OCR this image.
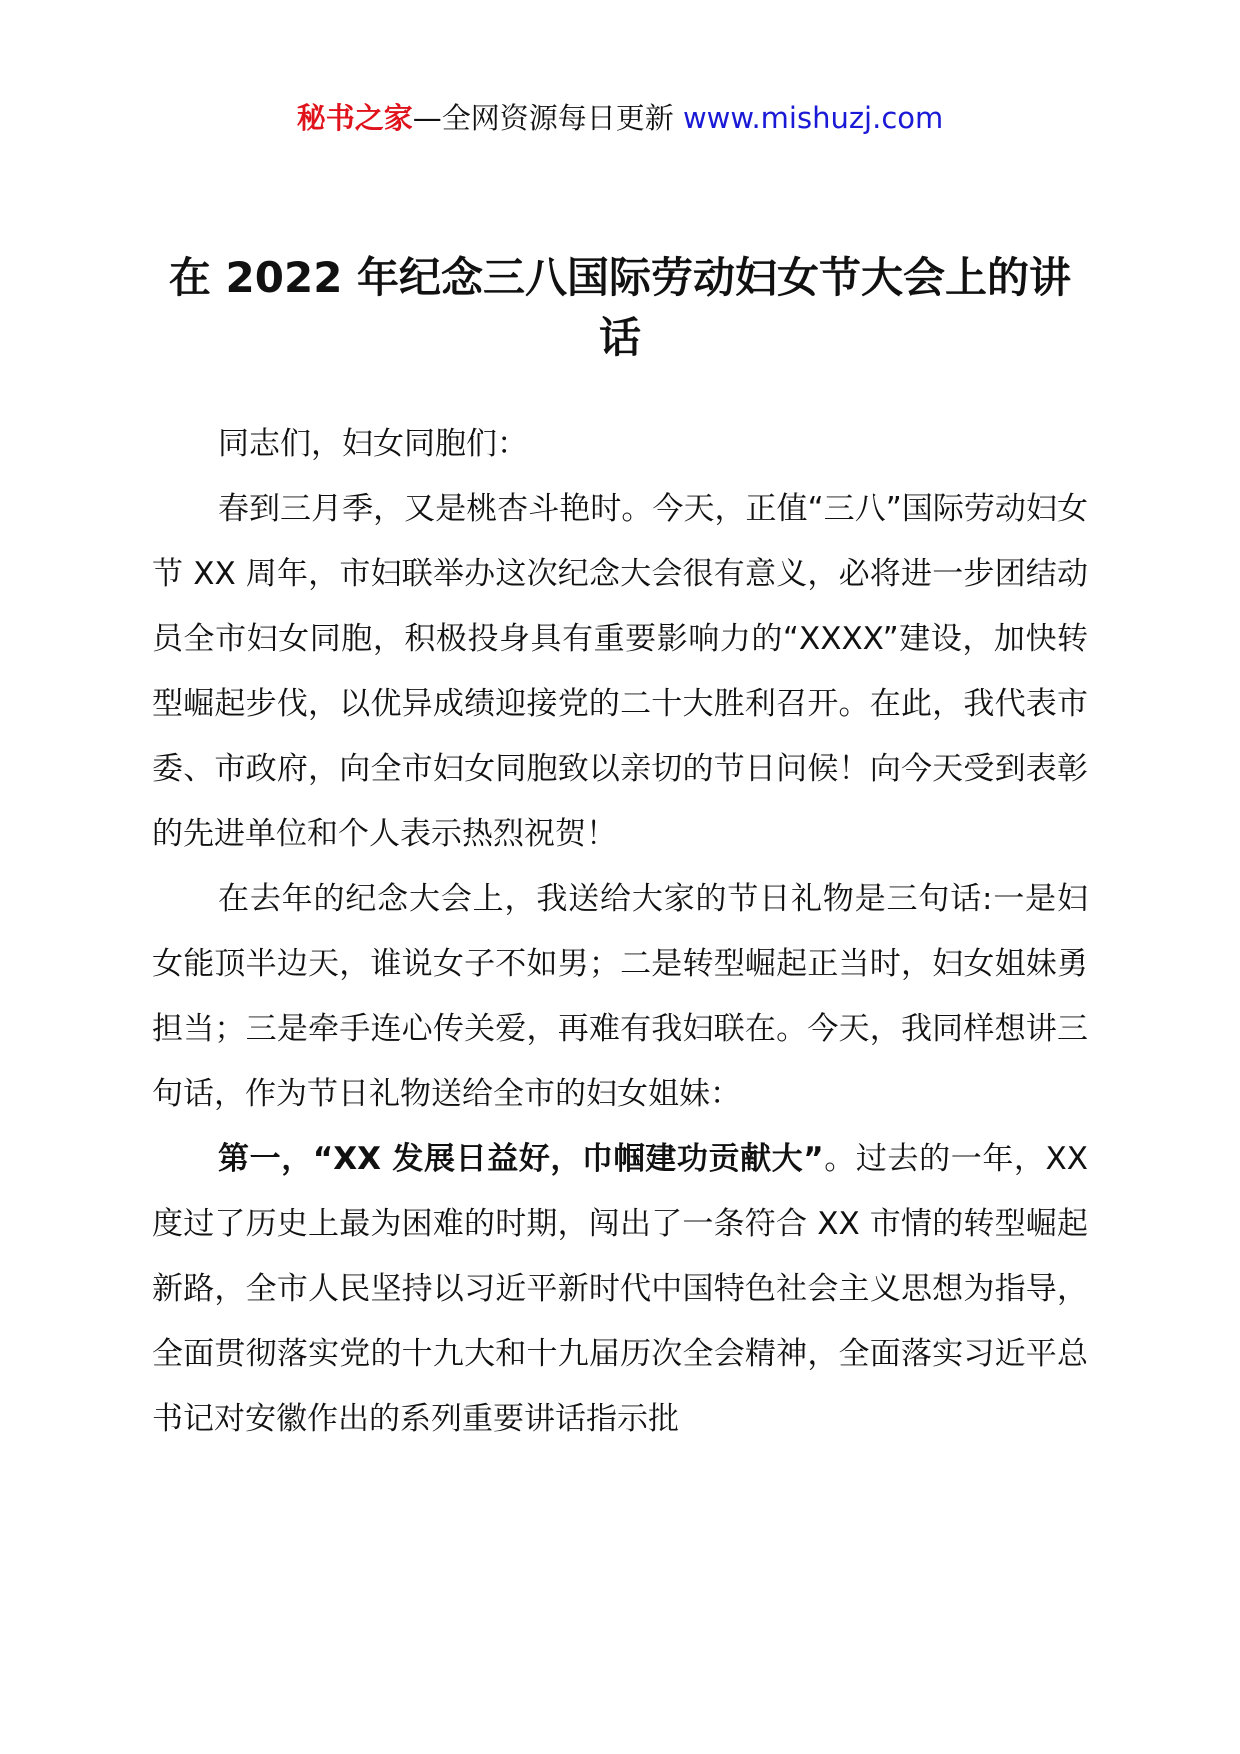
秘书之家—全网资源每日更新 www.mishuzj.com
在 2022 年纪念三八国际劳动妇女节大会上的讲话

同志们，妇女同胞们：

春到三月季，又是桃杏斗艳时。今天，正值“三八”国际劳动妇女节 XX 周年，市妇联举办这次纪念大会很有意义，必将进一步团结动员全市妇女同胞，积极投身具有重要影响力的“XXXX”建设，加快转型崛起步伐，以优异成绩迎接党的二十大胜利召开。在此，我代表市委、市政府，向全市妇女同胞致以亲切的节日问候！向今天受到表彰的先进单位和个人表示热烈祝贺！

在去年的纪念大会上，我送给大家的节日礼物是三句话:一是妇女能顶半边天，谁说女子不如男；二是转型崛起正当时，妇女姐妹勇担当；三是牵手连心传关爱，再难有我妇联在。今天，我同样想讲三句话，作为节日礼物送给全市的妇女姐妹：

第一，“XX 发展日益好，巾帼建功贡献大”。过去的一年，XX 度过了历史上最为困难的时期，闯出了一条符合 XX 市情的转型崛起新路，全市人民坚持以习近平新时代中国特色社会主义思想为指导，全面贯彻落实党的十九大和十九届历次全会精神，全面落实习近平总书记对安徽作出的系列重要讲话指示批
